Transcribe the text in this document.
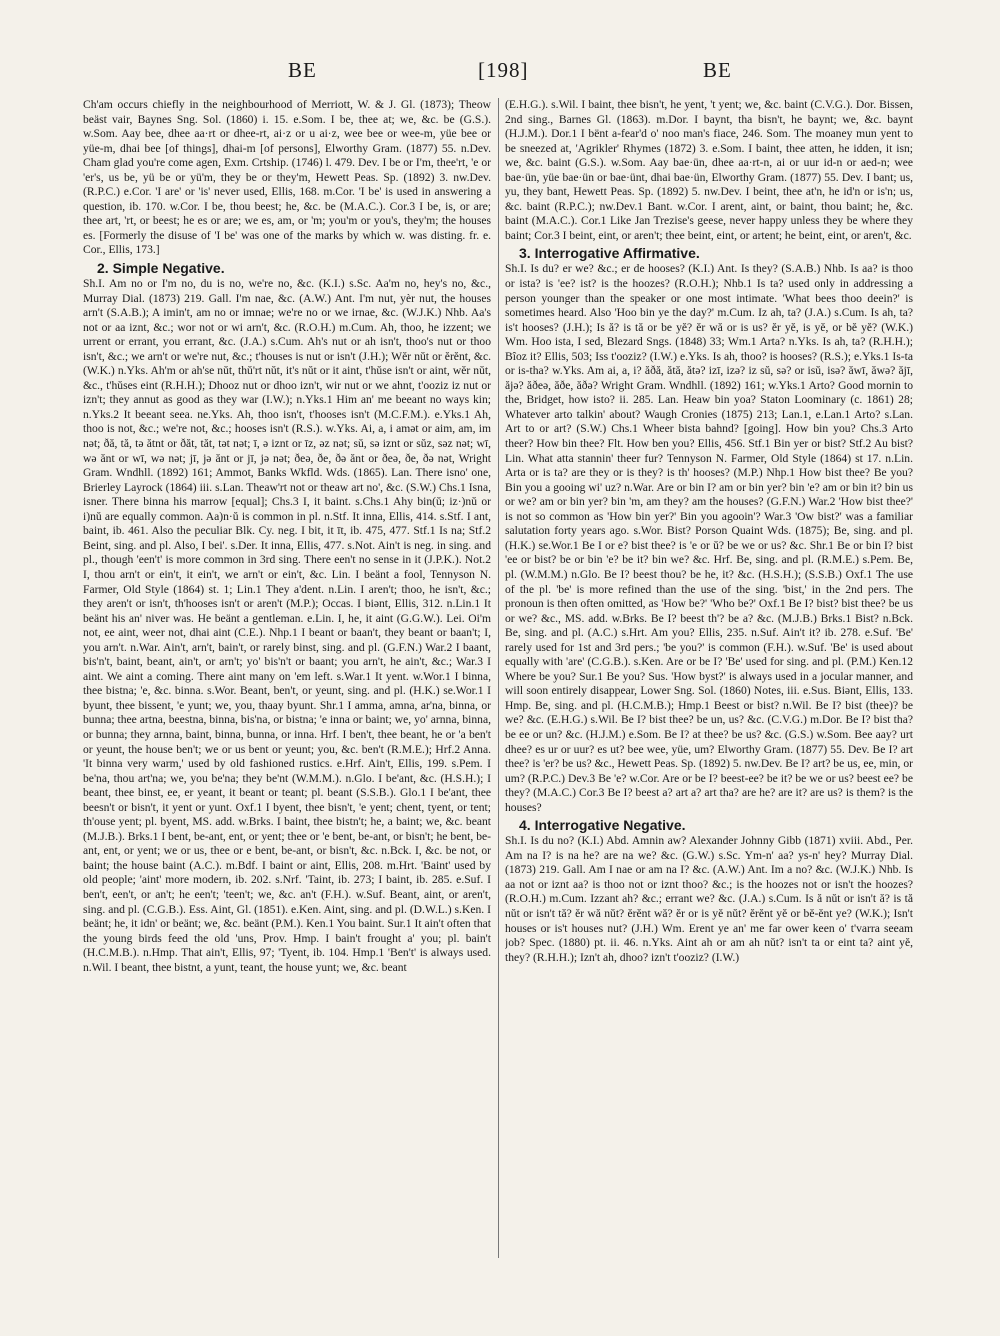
BE	[198]	BE

Ch'am occurs chiefly in the neighbourhood of Merriott, W. & J. Gl. (1873); Theow beäst vair, Baynes Sng. Sol. (1860) i. 15. e.Som. I be, thee at; we, &c. be (G.S.). w.Som. Aay bee, dhee aa·rt or dhee-rt, ai·z or u ai·z, wee bee or wee-m, yüe bee or yüe-m, dhai bee [of things], dhai-m [of persons], Elworthy Gram. (1877) 55. n.Dev. Cham glad you're come agen, Exm. Crtship. (1746) l. 479. Dev. I be or I'm, thee'rt, 'e or 'er's, us be, yü be or yü'm, they be or they'm, Hewett Peas. Sp. (1892) 3. nw.Dev. (R.P.C.) e.Cor. 'I are' or 'is' never used, Ellis, 168. m.Cor. 'I be' is used in answering a question, ib. 170. w.Cor. I be, thou beest; he, &c. be (M.A.C.). Cor.3 I be, is, or are; thee art, 'rt, or beest; he es or are; we es, am, or 'm; you'm or you's, they'm; the houses es. [Formerly the disuse of 'I be' was one of the marks by which w. was disting. fr. e. Cor., Ellis, 173.]

2. Simple Negative.

Sh.I. Am no or I'm no, du is no, we're no, &c. (K.I.) s.Sc. Aa'm no, hey's no, &c., Murray Dial. (1873) 219. Gall. I'm nae, &c. (A.W.) Ant. I'm nut, yèr nut, the houses arn't (S.A.B.); A imin't, am no or imnae; we're no or we irnae, &c. (W.J.K.) Nhb. Aa's not or aa iznt, &c.; wor not or wi arn't, &c. (R.O.H.) m.Cum. Ah, thoo, he izzent; we urrent or errant, you errant, &c. (J.A.) s.Cum. Ah's nut or ah isn't, thoo's nut or thoo isn't, &c.; we arn't or we're nut, &c.; t'houses is nut or isn't (J.H.); Wĕr nŭt or ĕrĕnt, &c. (W.K.) n.Yks. Ah'm or ah'se nŭt, thŭ'rt nŭt, it's nŭt or it aint, t'hŭse isn't or aint, wĕr nŭt, &c., t'hŭses eint (R.H.H.); Dhooz nut or dhoo izn't, wir nut or we ahnt, t'ooziz iz nut or izn't; they annut as good as they war (I.W.); n.Yks.1 Him an' me beeant no ways kin; n.Yks.2 It beeant seea. ne.Yks. Ah, thoo isn't, t'hooses isn't (M.C.F.M.). e.Yks.1 Ah, thoo is not, &c.; we're not, &c.; hooses isn't (R.S.). w.Yks. Ai, a, i amət or aim, am, im nət; ðă, tă, tə ătnt or ðăt, tăt, tət nət; ī, ə iznt or īz, əz nət; sŭ, sə iznt or sŭz, səz nət; wī, wə ănt or wī, wə nət; jī, jə ănt or jī, jə nət; ðeə, ðe, ðə ănt or ðeə, ðe, ðə nət, Wright Gram. Wndhll. (1892) 161; Ammot, Banks Wkfld. Wds. (1865). Lan. There isno' one, Brierley Layrock (1864) iii. s.Lan. Theaw'rt not or theaw art no', &c. (S.W.) Chs.1 Isna, isner. There binna his marrow [equal]; Chs.3 I, it baint. s.Chs.1 Ahy bin(ŭ; iz·)nŭ or i)nŭ are equally common. Aa)n·ŭ is common in pl. n.Stf. It inna, Ellis, 414. s.Stf. I ant, baint, ib. 461. Also the peculiar Blk. Cy. neg. I bit, it īt, ib. 475, 477. Stf.1 Is na; Stf.2 Beint, sing. and pl. Also, I bei'. s.Der. It inna, Ellis, 477. s.Not. Ain't is neg. in sing. and pl., though 'een't' is more common in 3rd sing. There een't no sense in it (J.P.K.). Not.2 I, thou arn't or ein't, it ein't, we arn't or ein't, &c. Lin. I beänt a fool, Tennyson N. Farmer, Old Style (1864) st. 1; Lin.1 They a'dent. n.Lin. I aren't; thoo, he isn't, &c.; they aren't or isn't, th'hooses isn't or aren't (M.P.); Occas. I biənt, Ellis, 312. n.Lin.1 It beänt his an' niver was. He beänt a gentleman. e.Lin. I, he, it aint (G.G.W.). Lei. Oi'm not, ee aint, weer not, dhai aint (C.E.). Nhp.1 I beant or baan't, they beant or baan't; I, you arn't. n.War. Ain't, arn't, bain't, or rarely binst, sing. and pl. (G.F.N.) War.2 I baant, bis'n't, baint, beant, ain't, or arn't; yo' bis'n't or baant; you arn't, he ain't, &c.; War.3 I aint. We aint a coming. There aint many on 'em left. s.War.1 It yent. w.Wor.1 I binna, thee bistna; 'e, &c. binna. s.Wor. Beant, ben't, or yeunt, sing. and pl. (H.K.) se.Wor.1 I byunt, thee bissent, 'e yunt; we, you, thaay byunt. Shr.1 I amma, amna, ar'na, binna, or bunna; thee artna, beestna, binna, bis'na, or bistna; 'e inna or baint; we, yo' arnna, binna, or bunna; they arnna, baint, binna, bunna, or inna. Hrf. I ben't, thee beant, he or 'a ben't or yeunt, the house ben't; we or us bent or yeunt; you, &c. ben't (R.M.E.); Hrf.2 Anna. 'It binna very warm,' used by old fashioned rustics. e.Hrf. Ain't, Ellis, 199. s.Pem. I be'na, thou art'na; we, you be'na; they be'nt (W.M.M.). n.Glo. I be'ant, &c. (H.S.H.); I beant, thee binst, ee, er yeant, it beant or teant; pl. beant (S.S.B.). Glo.1 I be'ant, thee beesn't or bisn't, it yent or yunt. Oxf.1 I byent, thee bisn't, 'e yent; chent, tyent, or tent; th'ouse yent; pl. byent, MS. add. w.Brks. I baint, thee bistn't; he, a baint; we, &c. beant (M.J.B.). Brks.1 I bent, be-ant, ent, or yent; thee or 'e bent, be-ant, or bisn't; he bent, be-ant, ent, or yent; we or us, thee or e bent, be-ant, or bisn't, &c. n.Bck. I, &c. be not, or baint; the house baint (A.C.). m.Bdf. I baint or aint, Ellis, 208. m.Hrt. 'Baint' used by old people; 'aint' more modern, ib. 202. s.Nrf. 'Taint, ib. 273; I baint, ib. 285. e.Suf. I ben't, een't, or an't; he een't; 'teen't; we, &c. an't (F.H.). w.Suf. Beant, aint, or aren't, sing. and pl. (C.G.B.). Ess. Aint, Gl. (1851). e.Ken. Aint, sing. and pl. (D.W.L.) s.Ken. I beänt; he, it idn' or beänt; we, &c. beänt (P.M.). Ken.1 You baint. Sur.1 It ain't often that the young birds feed the old 'uns, Prov. Hmp. I bain't frought a' you; pl. bain't (H.C.M.B.). n.Hmp. That ain't, Ellis, 97; 'Tyent, ib. 104. Hmp.1 'Ben't' is always used. n.Wil. I beant, thee bistnt, a yunt, teant, the house yunt; we, &c. beant

(E.H.G.). s.Wil. I baint, thee bisn't, he yent, 't yent; we, &c. baint (C.V.G.). Dor. Bissen, 2nd sing., Barnes Gl. (1863). m.Dor. I baynt, tha bisn't, he baynt; we, &c. baynt (H.J.M.). Dor.1 I bënt a-fear'd o' noo man's fiace, 246. Som. The moaney mun yent to be sneezed at, 'Agrikler' Rhymes (1872) 3. e.Som. I baint, thee atten, he idden, it isn; we, &c. baint (G.S.). w.Som. Aay bae·ün, dhee aa·rt-n, ai or uur id-n or aed-n; wee bae·ün, yüe bae·ün or bae·ünt, dhai bae·ün, Elworthy Gram. (1877) 55. Dev. I bant; us, yu, they bant, Hewett Peas. Sp. (1892) 5. nw.Dev. I beint, thee at'n, he id'n or is'n; us, &c. baint (R.P.C.); nw.Dev.1 Bant. w.Cor. I arent, aint, or baint, thou baint; he, &c. baint (M.A.C.). Cor.1 Like Jan Trezise's geese, never happy unless they be where they baint; Cor.3 I beint, eint, or aren't; thee beint, eint, or artent; he beint, eint, or aren't, &c.

3. Interrogative Affirmative.

Sh.I. Is du? er we? &c.; er de hooses? (K.I.) Ant. Is they? (S.A.B.) Nhb. Is aa? is thoo or ista? is 'ee? ist? is the hoozes? (R.O.H.); Nhb.1 Is ta? used only in addressing a person younger than the speaker or one most intimate. 'What bees thoo deein?' is sometimes heard. Also 'Hoo bin ye the day?' m.Cum. Iz ah, ta? (J.A.) s.Cum. Is ah, ta? is't hooses? (J.H.); Is ă? is tă or be yĕ? ĕr wă or is us? ĕr yĕ, is yĕ, or bĕ yĕ? (W.K.) Wm. Hoo ista, I sed, Blezard Sngs. (1848) 33; Wm.1 Arta? n.Yks. Is ah, ta? (R.H.H.); Bîoz it? Ellis, 503; Iss t'ooziz? (I.W.) e.Yks. Is ah, thoo? is hooses? (R.S.); e.Yks.1 Is-ta or is-tha? w.Yks. Am ai, a, i? ăðă, ătă, ătə? izī, izə? iz sŭ, sə? or isŭ, isə? ăwī, ăwə? ăjī, ăjə? ăðeə, ăðe, ăðə? Wright Gram. Wndhll. (1892) 161; w.Yks.1 Arto? Good mornin to the, Bridget, how isto? ii. 285. Lan. Heaw bin yoa? Staton Loominary (c. 1861) 28; Whatever arto talkin' about? Waugh Cronies (1875) 213; Lan.1, e.Lan.1 Arto? s.Lan. Art to or art? (S.W.) Chs.1 Wheer bista bahnd? [going]. How bin you? Chs.3 Arto theer? How bin thee? Flt. How ben you? Ellis, 456. Stf.1 Bin yer or bist? Stf.2 Au bist? Lin. What atta stannin' theer fur? Tennyson N. Farmer, Old Style (1864) st 17. n.Lin. Arta or is ta? are they or is they? is th' hooses? (M.P.) Nhp.1 How bist thee? Be you? Bin you a gooing wi' uz? n.War. Are or bin I? am or bin yer? bin 'e? am or bin it? bin us or we? am or bin yer? bin 'm, am they? am the houses? (G.F.N.) War.2 'How bist thee?' is not so common as 'How bin yer?' Bin you agooin'? War.3 'Ow bist?' was a familiar salutation forty years ago. s.Wor. Bist? Porson Quaint Wds. (1875); Be, sing. and pl. (H.K.) se.Wor.1 Be I or e? bist thee? is 'e or ŭ? be we or us? &c. Shr.1 Be or bin I? bist 'ee or bist? be or bin 'e? be it? bin we? &c. Hrf. Be, sing. and pl. (R.M.E.) s.Pem. Be, pl. (W.M.M.) n.Glo. Be I? beest thou? be he, it? &c. (H.S.H.); (S.S.B.) Oxf.1 The use of the pl. 'be' is more refined than the use of the sing. 'bist,' in the 2nd pers. The pronoun is then often omitted, as 'How be?' 'Who be?' Oxf.1 Be I? bist? bist thee? be us or we? &c., MS. add. w.Brks. Be I? beest th'? be a? &c. (M.J.B.) Brks.1 Bist? n.Bck. Be, sing. and pl. (A.C.) s.Hrt. Am you? Ellis, 235. n.Suf. Ain't it? ib. 278. e.Suf. 'Be' rarely used for 1st and 3rd pers.; 'be you?' is common (F.H.). w.Suf. 'Be' is used about equally with 'are' (C.G.B.). s.Ken. Are or be I? 'Be' used for sing. and pl. (P.M.) Ken.12 Where be you? Sur.1 Be you? Sus. 'How byst?' is always used in a jocular manner, and will soon entirely disappear, Lower Sng. Sol. (1860) Notes, iii. e.Sus. Biənt, Ellis, 133. Hmp. Be, sing. and pl. (H.C.M.B.); Hmp.1 Beest or bist? n.Wil. Be I? bist (thee)? be we? &c. (E.H.G.) s.Wil. Be I? bist thee? be un, us? &c. (C.V.G.) m.Dor. Be I? bist tha? be ee or un? &c. (H.J.M.) e.Som. Be I? at thee? be us? &c. (G.S.) w.Som. Bee aay? urt dhee? es ur or uur? es ut? bee wee, yüe, um? Elworthy Gram. (1877) 55. Dev. Be I? art thee? is 'er? be us? &c., Hewett Peas. Sp. (1892) 5. nw.Dev. Be I? art? be us, ee, min, or um? (R.P.C.) Dev.3 Be 'e? w.Cor. Are or be I? beest-ee? be it? be we or us? beest ee? be they? (M.A.C.) Cor.3 Be I? beest a? art a? art tha? are he? are it? are us? is them? is the houses?

4. Interrogative Negative.

Sh.I. Is du no? (K.I.) Abd. Amnin aw? Alexander Johnny Gibb (1871) xviii. Abd., Per. Am na I? is na he? are na we? &c. (G.W.) s.Sc. Ym-n' aa? ys-n' hey? Murray Dial. (1873) 219. Gall. Am I nae or am na I? &c. (A.W.) Ant. Im a no? &c. (W.J.K.) Nhb. Is aa not or iznt aa? is thoo not or iznt thoo? &c.; is the hoozes not or isn't the hoozes? (R.O.H.) m.Cum. Izzant ah? &c.; errant we? &c. (J.A.) s.Cum. Is ă nŭt or isn't ă? is tă nŭt or isn't tă? ĕr wă nŭt? ĕrĕnt wă? ĕr or is yĕ nŭt? ĕrĕnt yĕ or bĕ-ĕnt ye? (W.K.); Isn't houses or is't houses nut? (J.H.) Wm. Erent ye an' me far ower keen o' t'varra seeam job? Spec. (1880) pt. ii. 46. n.Yks. Aint ah or am ah nŭt? isn't ta or eint ta? aint yĕ, they? (R.H.H.); Izn't ah, dhoo? izn't t'ooziz? (I.W.)
